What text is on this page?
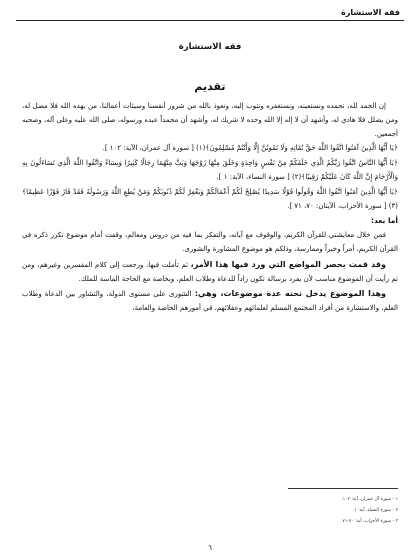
فقه الاستشارة
فقه الاستشارة
تقديم

إن الحمد لله، نحمده ونستعينه، ونستغفره ونتوب إليه، ونعوذ بالله من شرور أنفسنا وسيئات أعمالنا، من يهده الله فلا مضل له، ومن يضلل فلا هادي له، وأشهد أن لا إله إلا الله وحده لا شريك له، وأشهد أن محمداً عبده ورسوله، صلى الله عليه وعلى آله، وصحبه أجمعين.

﴿يَا أَيُّهَا الَّذِينَ آمَنُوا اتَّقُوا اللَّهَ حَقَّ تُقَاتِهِ وَلَا تَمُوتُنَّ إِلَّا وَأَنْتُمْ مُسْلِمُونَ﴾(١) [ سورة آل عمران، الآية: ١٠٢ ].

﴿يَا أَيُّهَا النَّاسُ اتَّقُوا رَبَّكُمُ الَّذِي خَلَقَكُمْ مِنْ نَفْسٍ وَاحِدَةٍ وَخَلَقَ مِنْهَا زَوْجَهَا وَبَثَّ مِنْهُمَا رِجَالًا كَثِيرًا وَنِسَاءً وَاتَّقُوا اللَّهَ الَّذِي تَسَاءَلُونَ بِهِ وَالْأَرْحَامَ إِنَّ اللَّهَ كَانَ عَلَيْكُمْ رَقِيبًا﴾(٢) [ سورة النساء، الآية: ١ ].

﴿يَا أَيُّهَا الَّذِينَ آمَنُوا اتَّقُوا اللَّهَ وَقُولُوا قَوْلًا سَدِيدًا يُصْلِحْ لَكُمْ أَعْمَالَكُمْ وَيَغْفِرْ لَكُمْ ذُنُوبَكُمْ وَمَنْ يُطِعِ اللَّهَ وَرَسُولَهُ فَقَدْ فَازَ فَوْزًا عَظِيمًا﴾(٣) [ سورة الأحزاب، الآيتان: ٧٠، ٧١ ].

أما بعد:

فمن خلال معايشتي للقرآن الكريم، والوقوف مع آياته، والتفكر بما فيه من دروس ومعالم، وقفت أمام موضوع تكرر ذكره في القرآن الكريم، أمراً وخبراً وممارسة، وذلكم هو موضوع المشاورة والشورى.

وقد قمت بحصر المواضع التي ورد فيها هذا الأمر، ثم تأملت فيها، ورجعت إلى كلام المفسرين وغيرهم، ومن ثم رأيت أن الموضوع مناسب لأن يفرد برسالة تكون زاداً للدعاة وطلاب العلم، وبخاصة مع الحاجة الماسة للملك.

وهذا الموضوع يدخل تحته عدة موضوعات، وهي: الشورى على مستوى الدولة، والتشاور بين الدعاة وطلاب العلم، والاستشارة من أفراد المجتمع المسلم لعلمائهم وعقلائهم، في أمورهم الخاصة والعامة،

١ - سورة آل عمران، آية: ١٠٢.
٢ - سورة النساء، آية: ١.
٣ - سورة الأحزاب، آية: ٧٠-٧١.
٦
